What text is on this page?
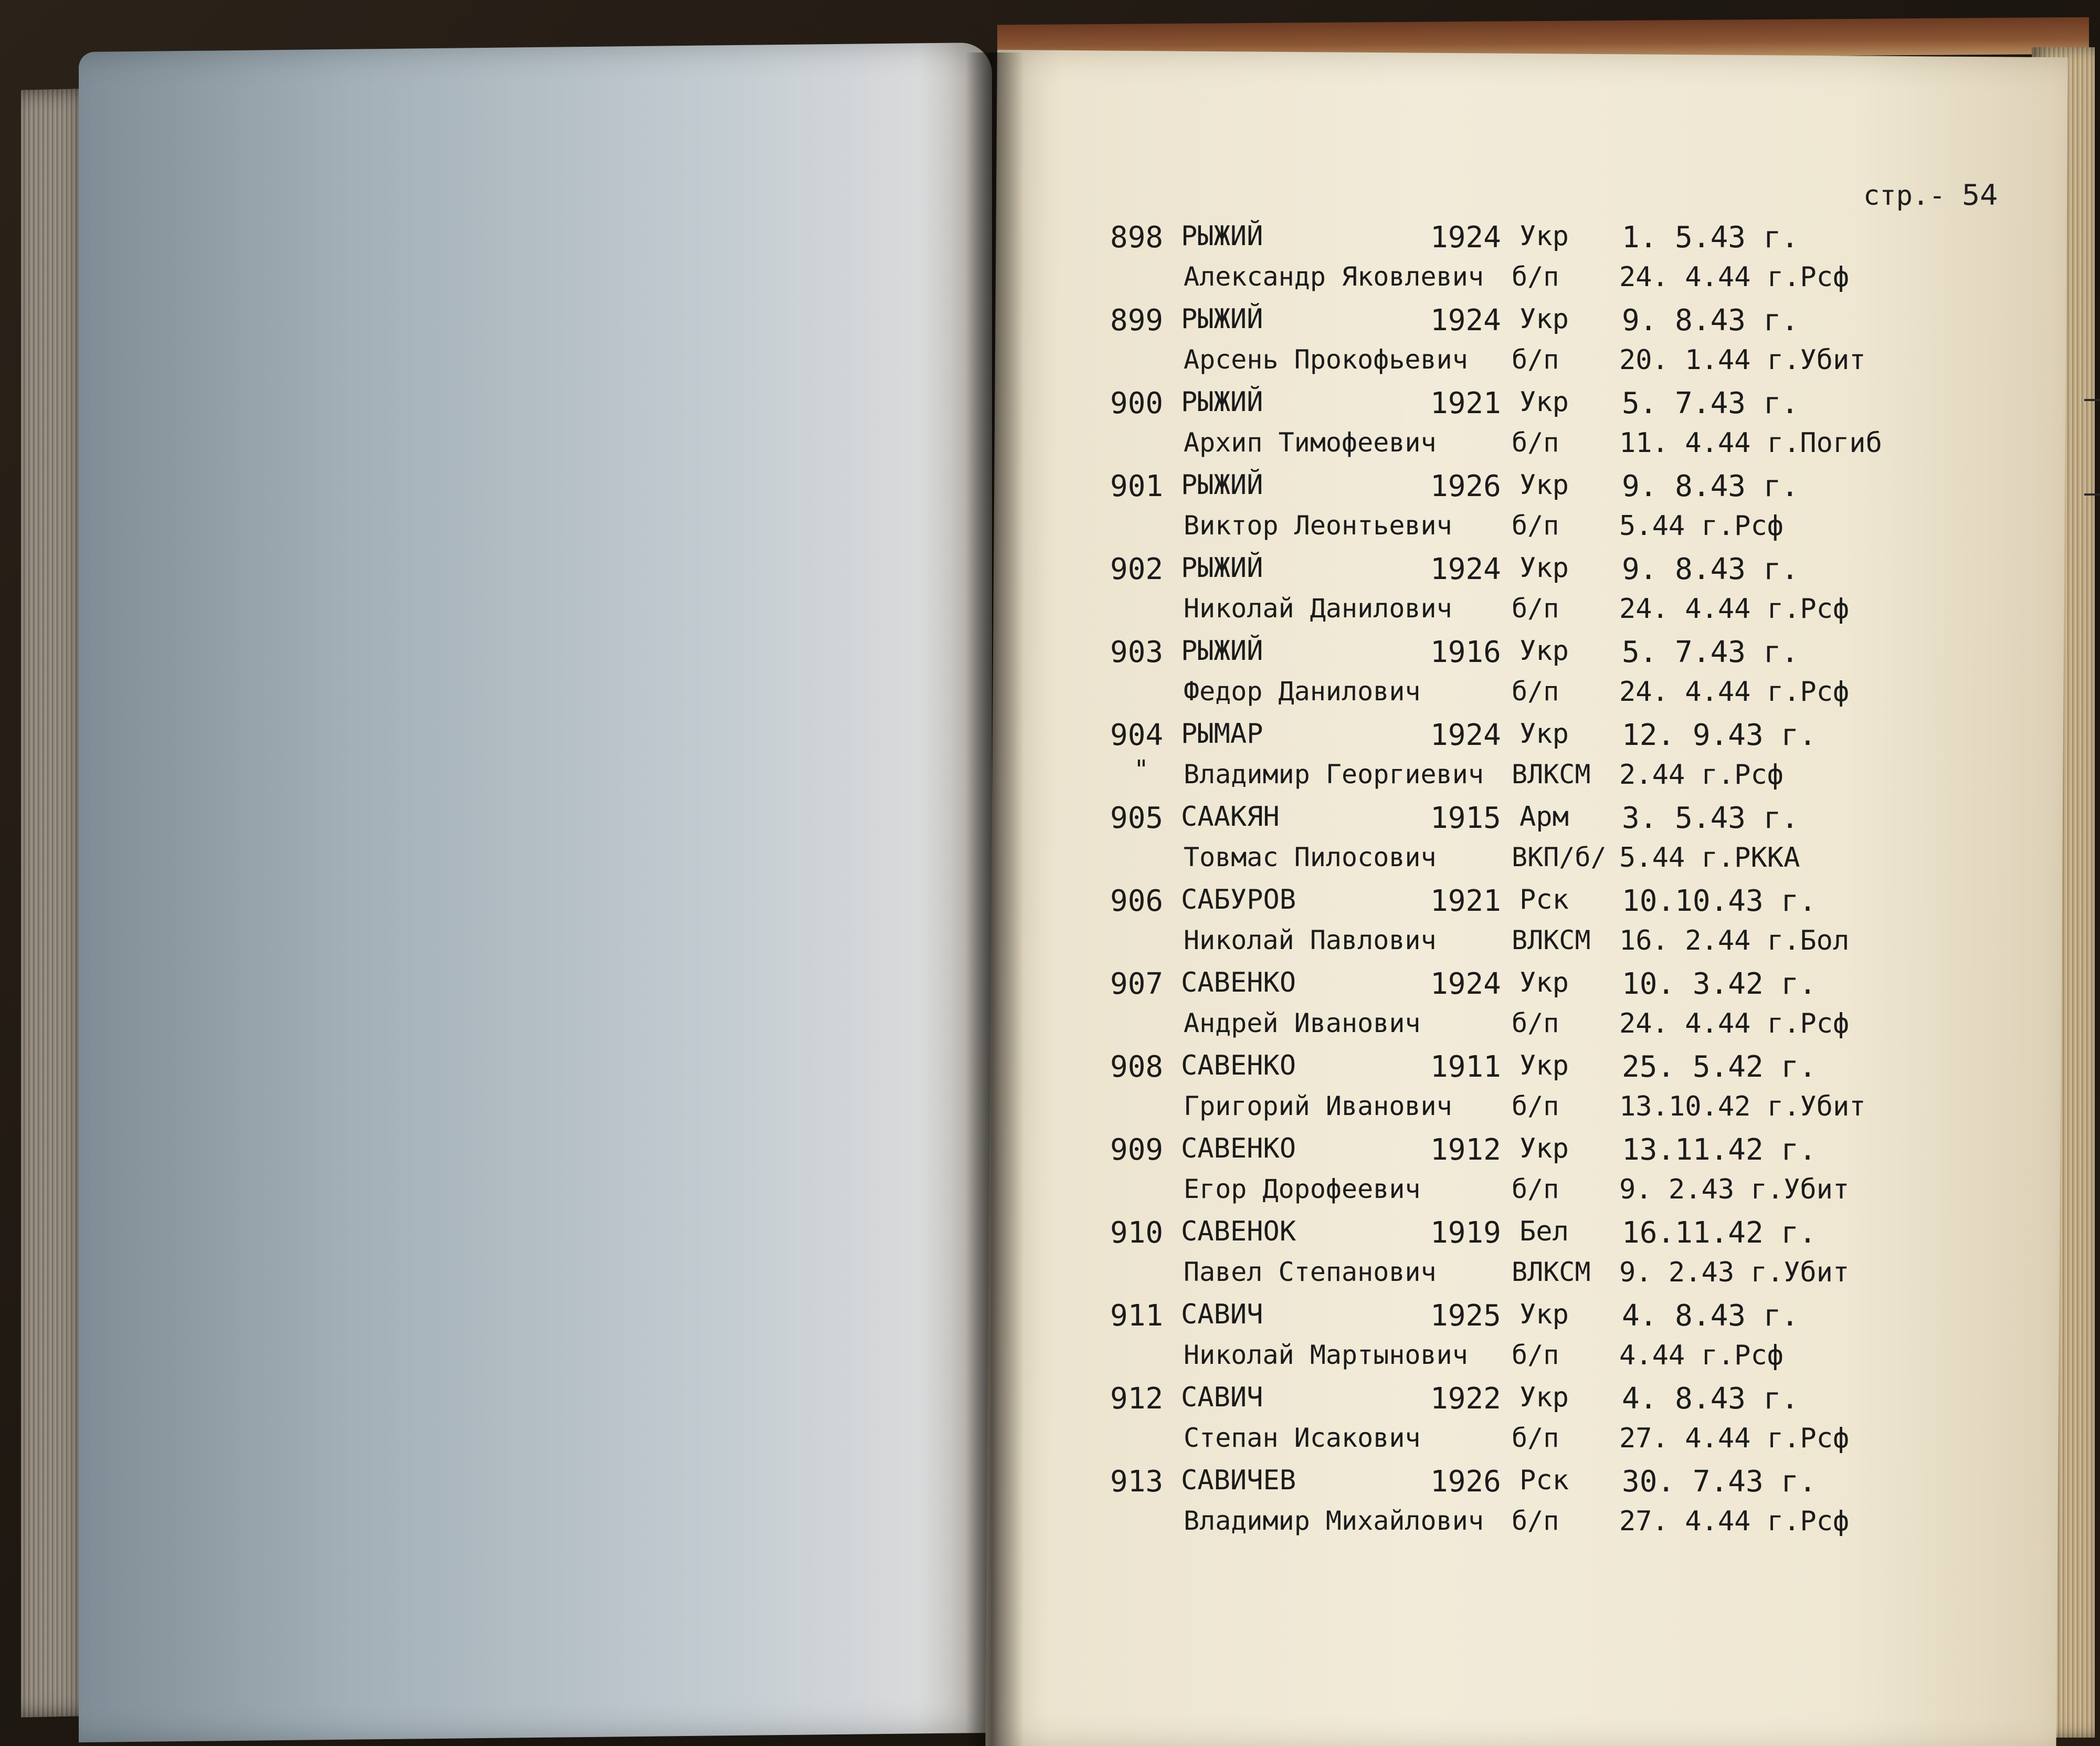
стр.- 54
898 РЫЖИЙ	1924 Укр 1. 5.43 г.
Александр Яковлевич б/п 24. 4.44 г.Рсф
899 РЫЖИЙ	1924 Укр 9. 8.43 г.
Арсень Прокофьевич б/п 20. 1.44 г.Убит
900 РЫЖИЙ	1921 Укр 5. 7.43 г.
Архип Тимофеевич	б/п 11. 4.44 г.Погиб
901 РЫЖИЙ	1926 Укр 9. 8.43 г.
Виктор Леонтьевич б/п 5.44 г.Рсф
902 РЫЖИЙ	1924 Укр 9. 8.43 г.
Николай Данилович б/п 24. 4.44 г.Рсф
903 РЫЖИЙ	1916 Укр 5. 7.43 г.
Федор Данилович	б/п 24. 4.44 г.Рсф
904 РЫМАР	1924 Укр 12. 9.43 г.
Владимир Георгиевич ВЛКСМ 2.44 г.Рсф
"
905 СААКЯН	1915 Арм 3. 5.43 г.
Товмас Пилосович	ВКП/б/ 5.44 г.РККА
906 САБУРОВ	1921 Рск 10.10.43 г.
Николай Павлович	ВЛКСМ 16. 2.44 г.Бол
907 САВЕНКО	1924 Укр 10. 3.42 г.
Андрей Иванович	б/п 24. 4.44 г.Рсф
908 САВЕНКО	1911 Укр 25. 5.42 г.
Григорий Иванович б/п 13.10.42 г.Убит
909 САВЕНКО	1912 Укр 13.11.42 г.
Егор Дорофеевич	б/п 9. 2.43 г.Убит
910 САВЕНОК	1919 Бел 16.11.42 г.
Павел Степанович	ВЛКСМ 9. 2.43 г.Убит
911 САВИЧ	1925 Укр 4. 8.43 г.
Николай Мартынович б/п 4.44 г.Рсф
912 САВИЧ	1922 Укр 4. 8.43 г.
Степан Исакович	б/п 27. 4.44 г.Рсф
913 САВИЧЕВ	1926 Рск 30. 7.43 г.
Владимир Михайлович б/п 27. 4.44 г.Рсф
